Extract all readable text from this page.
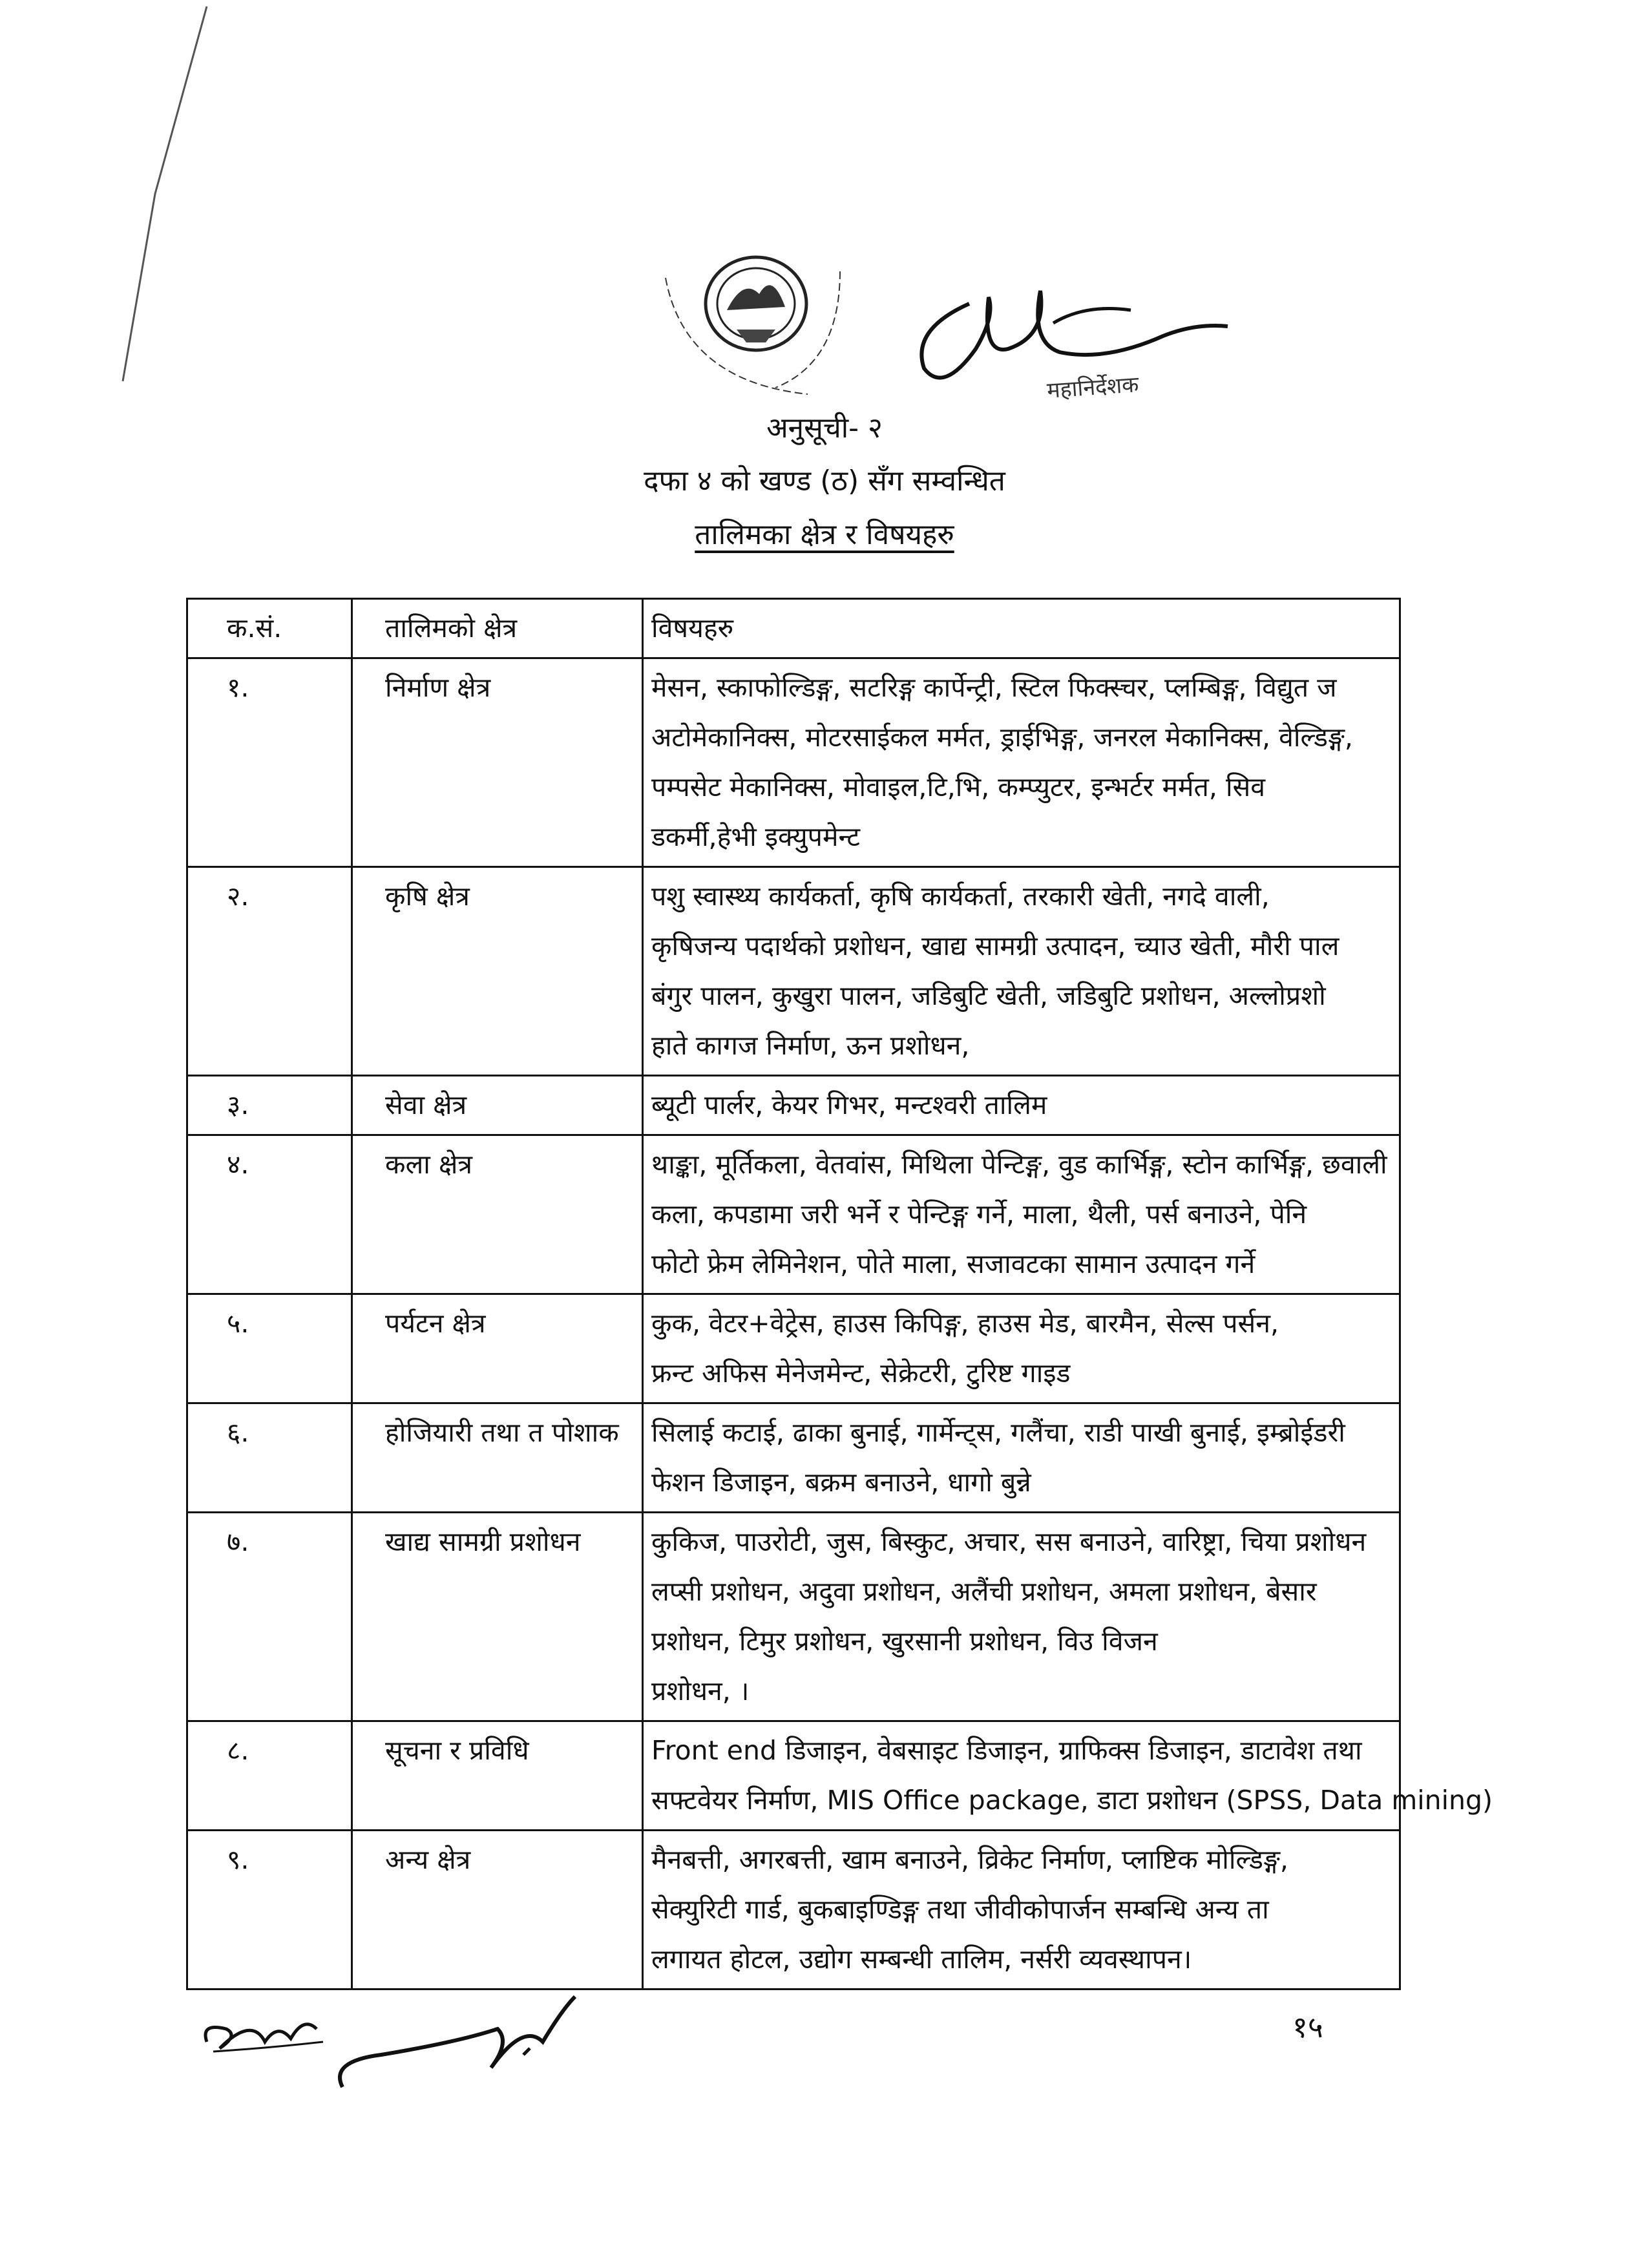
महानिर्देशक
अनुसूची- २
दफा ४ को खण्ड (ठ) सँग सम्वन्धित
तालिमका क्षेत्र र विषयहरु
क.सं.	तालिमको क्षेत्र	विषयहरु
१.	निर्माण क्षेत्र	मेसन, स्काफोल्डिङ्ग, सटरिङ्ग कार्पेन्ट्री, स्टिल फिक्स्चर, प्लम्बिङ्ग, विद्युत ज
अटोमेकानिक्स, मोटरसाईकल मर्मत, ड्राईभिङ्ग, जनरल मेकानिक्स, वेल्डिङ्ग,
पम्पसेट मेकानिक्स, मोवाइल,टि,भि, कम्प्युटर, इन्भर्टर मर्मत, सिव
डकर्मी,हेभी इक्युपमेन्ट

२.	कृषि क्षेत्र	पशु स्वास्थ्य कार्यकर्ता, कृषि कार्यकर्ता, तरकारी खेती, नगदे वाली,
कृषिजन्य पदार्थको प्रशोधन, खाद्य सामग्री उत्पादन, च्याउ खेती, मौरी पाल
बंगुर पालन, कुखुरा पालन, जडिबुटि खेती, जडिबुटि प्रशोधन, अल्लोप्रशो
हाते कागज निर्माण, ऊन प्रशोधन,

३.	सेवा क्षेत्र	ब्यूटी पार्लर, केयर गिभर, मन्टश्वरी तालिम

४.	कला क्षेत्र	थाङ्का, मूर्तिकला, वेतवांस, मिथिला पेन्टिङ्ग, वुड कार्भिङ्ग, स्टोन कार्भिङ्ग, छवाली
कला, कपडामा जरी भर्ने र पेन्टिङ्ग गर्ने, माला, थैली, पर्स बनाउने, पेनि
फोटो फ्रेम लेमिनेशन, पोते माला, सजावटका सामान उत्पादन गर्ने

५.	पर्यटन क्षेत्र	कुक, वेटर+वेट्रेस, हाउस किपिङ्ग, हाउस मेड, बारमैन, सेल्स पर्सन,
फ्रन्ट अफिस मेनेजमेन्ट, सेक्रेटरी, टुरिष्ट गाइड

६.	होजियारी तथा त पोशाक	सिलाई कटाई, ढाका बुनाई, गार्मेन्ट्स, गलैंचा, राडी पाखी बुनाई, इम्ब्रोईडरी
फेशन डिजाइन, बक्रम बनाउने, धागो बुन्ने

७.	खाद्य सामग्री प्रशोधन	कुकिज, पाउरोटी, जुस, बिस्कुट, अचार, सस बनाउने, वारिष्ट्रा, चिया प्रशोधन
लप्सी प्रशोधन, अदुवा प्रशोधन, अलैंची प्रशोधन, अमला प्रशोधन, बेसार
प्रशोधन, टिमुर प्रशोधन, खुरसानी प्रशोधन, विउ विजन
प्रशोधन, ।

८.	सूचना र प्रविधि	Front end डिजाइन, वेबसाइट डिजाइन, ग्राफिक्स डिजाइन, डाटावेश तथा
सफ्टवेयर निर्माण, MIS Office package, डाटा प्रशोधन (SPSS, Data mining)

९.	अन्य क्षेत्र	मैनबत्ती, अगरबत्ती, खाम बनाउने, व्रिकेट निर्माण, प्लाष्टिक मोल्डिङ्ग,
सेक्युरिटी गार्ड, बुकबाइण्डिङ्ग तथा जीवीकोपार्जन सम्बन्धि अन्य ता
लगायत होटल, उद्योग सम्बन्धी तालिम, नर्सरी व्यवस्थापन।
१५
